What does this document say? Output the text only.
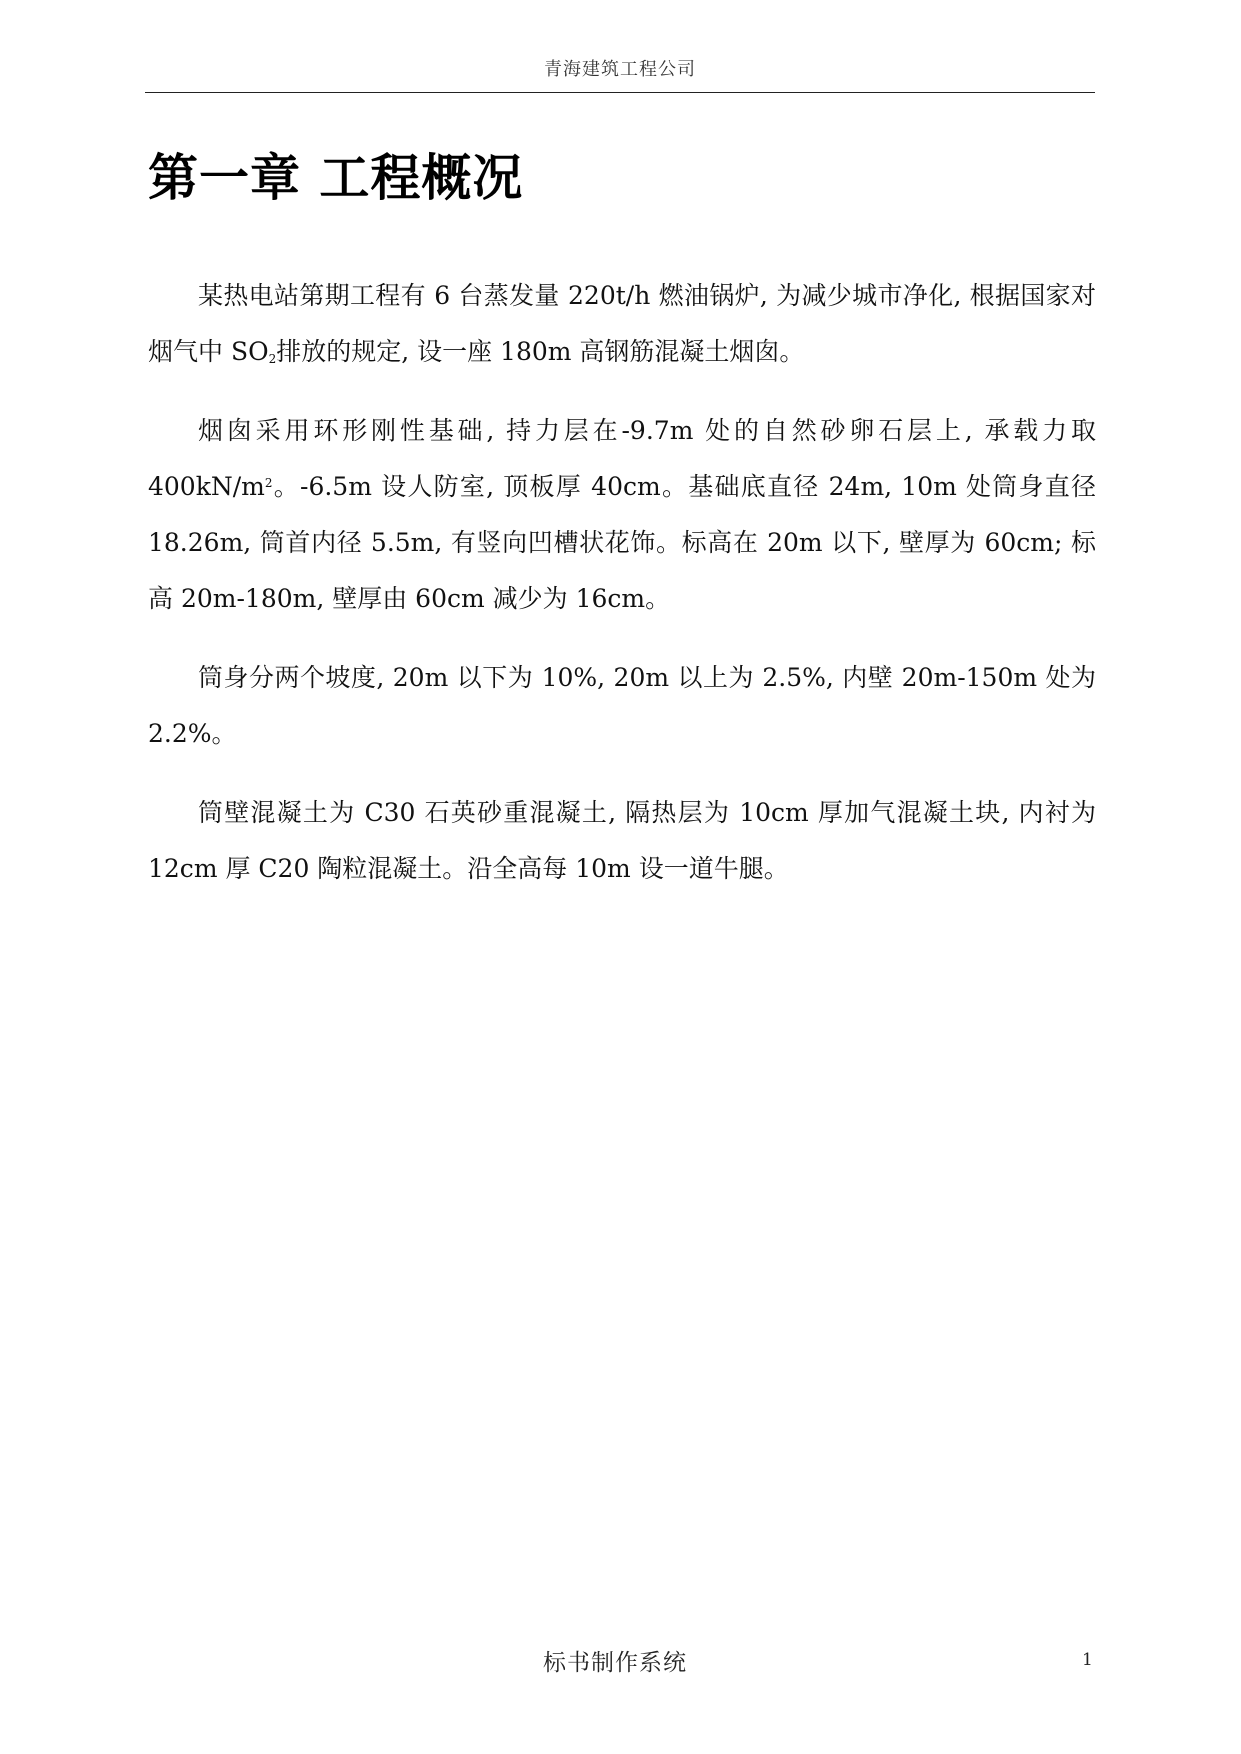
青海建筑工程公司
第一章 工程概况

某热电站第期工程有 6 台蒸发量 220t/h 燃油锅炉, 为减少城市净化, 根据国家对烟气中 $SO_2$排放的规定, 设一座 180m 高钢筋混凝土烟囱。

烟囱采用环形刚性基础, 持力层在-9.7m 处的自然砂卵石层上, 承载力取 $400kN/m^2$。-6.5m 设人防室, 顶板厚 40cm。基础底直径 24m, 10m 处筒身直径 18.26m, 筒首内径 5.5m, 有竖向凹槽状花饰。标高在 20m 以下, 壁厚为 60cm; 标高 20m-180m, 壁厚由 60cm 减少为 16cm。

筒身分两个坡度, 20m 以下为 10%, 20m 以上为 2.5%, 内壁 20m-150m 处为 2.2%。

筒壁混凝土为 C30 石英砂重混凝土, 隔热层为 10cm 厚加气混凝土块, 内衬为 12cm 厚 C20 陶粒混凝土。沿全高每 10m 设一道牛腿。

标书制作系统	1
